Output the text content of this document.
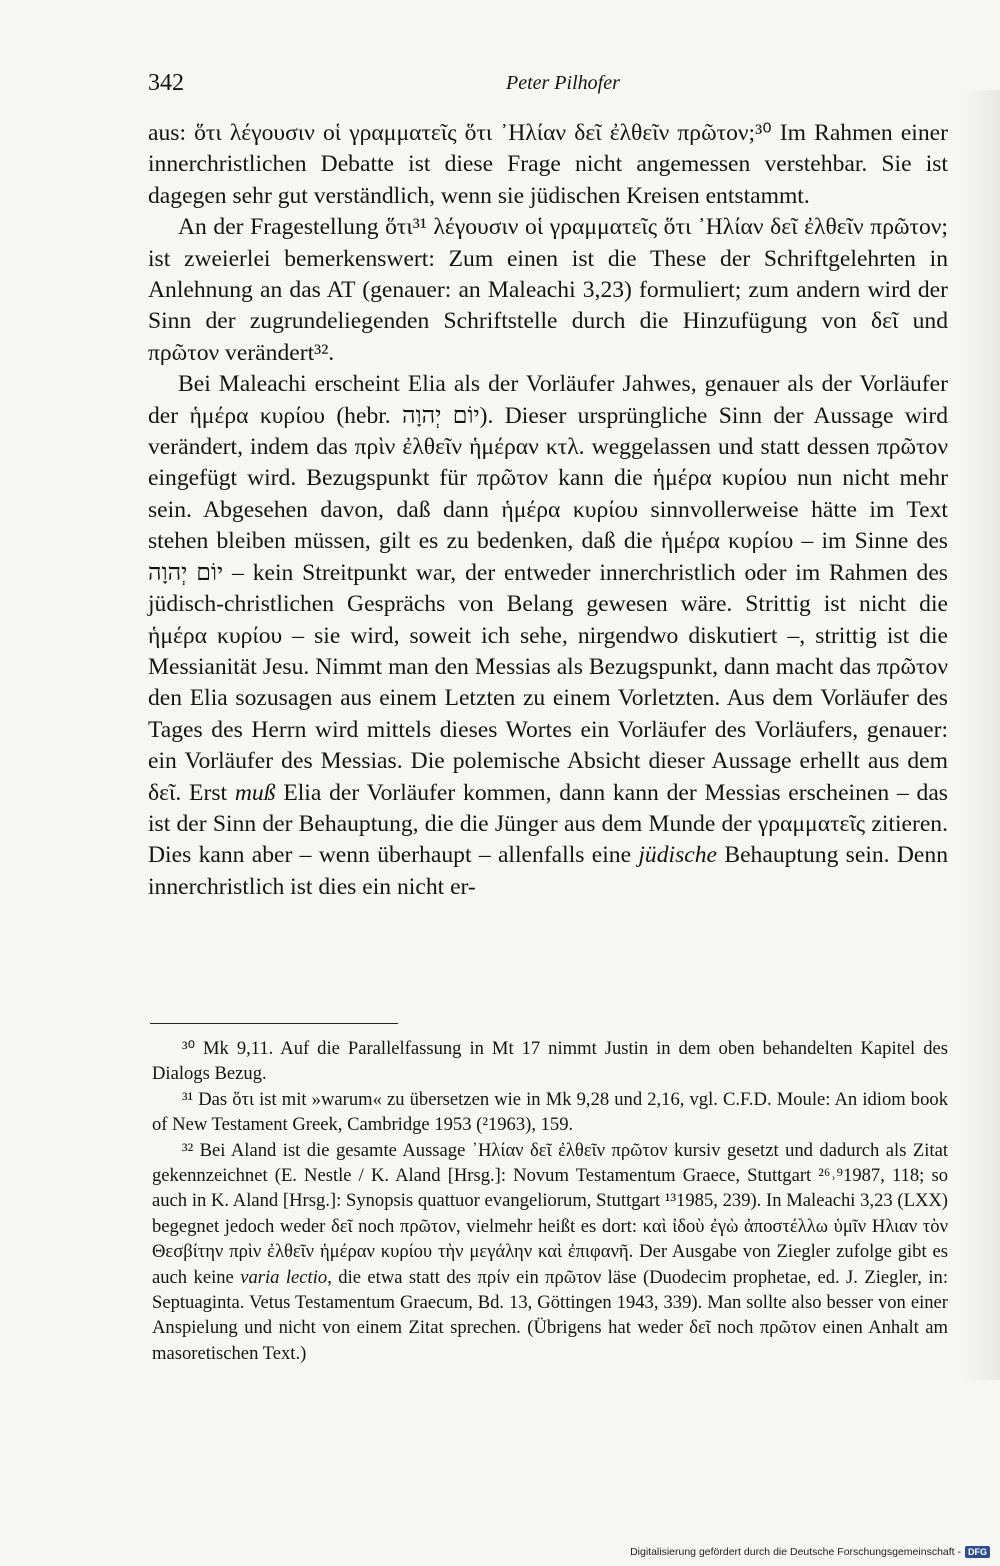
342	Peter Pilhofer

aus: ὅτι λέγουσιν οἱ γραμματεῖς ὅτι ᾿Ηλίαν δεῖ ἐλθεῖν πρῶτον;³⁰ Im Rahmen einer innerchristlichen Debatte ist diese Frage nicht angemessen verstehbar. Sie ist dagegen sehr gut verständlich, wenn sie jüdischen Kreisen entstammt.

An der Fragestellung ὅτι³¹ λέγουσιν οἱ γραμματεῖς ὅτι ᾿Ηλίαν δεῖ ἐλθεῖν πρῶτον; ist zweierlei bemerkenswert: Zum einen ist die These der Schriftgelehrten in Anlehnung an das AT (genauer: an Maleachi 3,23) formuliert; zum andern wird der Sinn der zugrundeliegenden Schriftstelle durch die Hinzufügung von δεῖ und πρῶτον verändert³².

Bei Maleachi erscheint Elia als der Vorläufer Jahwes, genauer als der Vorläufer der ἡμέρα κυρίου (hebr. יוֹם יְהוָה). Dieser ursprüngliche Sinn der Aussage wird verändert, indem das πρὶν ἐλθεῖν ἡμέραν κτλ. weggelassen und statt dessen πρῶτον eingefügt wird. Bezugspunkt für πρῶτον kann die ἡμέρα κυρίου nun nicht mehr sein. Abgesehen davon, daß dann ἡμέρα κυρίου sinnvollerweise hätte im Text stehen bleiben müssen, gilt es zu bedenken, daß die ἡμέρα κυρίου – im Sinne des יוֹם יְהוָה – kein Streitpunkt war, der entweder innerchristlich oder im Rahmen des jüdisch-christlichen Gesprächs von Belang gewesen wäre. Strittig ist nicht die ἡμέρα κυρίου – sie wird, soweit ich sehe, nirgendwo diskutiert –, strittig ist die Messianität Jesu. Nimmt man den Messias als Bezugspunkt, dann macht das πρῶτον den Elia sozusagen aus einem Letzten zu einem Vorletzten. Aus dem Vorläufer des Tages des Herrn wird mittels dieses Wortes ein Vorläufer des Vorläufers, genauer: ein Vorläufer des Messias. Die polemische Absicht dieser Aussage erhellt aus dem δεῖ. Erst muß Elia der Vorläufer kommen, dann kann der Messias erscheinen – das ist der Sinn der Behauptung, die die Jünger aus dem Munde der γραμματεῖς zitieren. Dies kann aber – wenn überhaupt – allenfalls eine jüdische Behauptung sein. Denn innerchristlich ist dies ein nicht er-

³⁰ Mk 9,11. Auf die Parallelfassung in Mt 17 nimmt Justin in dem oben behandelten Kapitel des Dialogs Bezug.

³¹ Das ὅτι ist mit »warum« zu übersetzen wie in Mk 9,28 und 2,16, vgl. C.F.D. Moule: An idiom book of New Testament Greek, Cambridge 1953 (²1963), 159.

³² Bei Aland ist die gesamte Aussage ᾿Ηλίαν δεῖ ἐλθεῖν πρῶτον kursiv gesetzt und dadurch als Zitat gekennzeichnet (E. Nestle / K. Aland [Hrsg.]: Novum Testamentum Graece, Stuttgart ²⁶˒⁹1987, 118; so auch in K. Aland [Hrsg.]: Synopsis quattuor evangeliorum, Stuttgart ¹³1985, 239). In Maleachi 3,23 (LXX) begegnet jedoch weder δεῖ noch πρῶτον, vielmehr heißt es dort: καὶ ἰδοὺ ἐγὼ ἀποστέλλω ὑμῖν Ηλιαν τὸν Θεσβίτην πρὶν ἐλθεῖν ἡμέραν κυρίου τὴν μεγάλην καὶ ἐπιφανῆ. Der Ausgabe von Ziegler zufolge gibt es auch keine varia lectio, die etwa statt des πρίν ein πρῶτον läse (Duodecim prophetae, ed. J. Ziegler, in: Septuaginta. Vetus Testamentum Graecum, Bd. 13, Göttingen 1943, 339). Man sollte also besser von einer Anspielung und nicht von einem Zitat sprechen. (Übrigens hat weder δεῖ noch πρῶτον einen Anhalt am masoretischen Text.)

Digitalisierung gefördert durch die Deutsche Forschungsgemeinschaft - DFG
